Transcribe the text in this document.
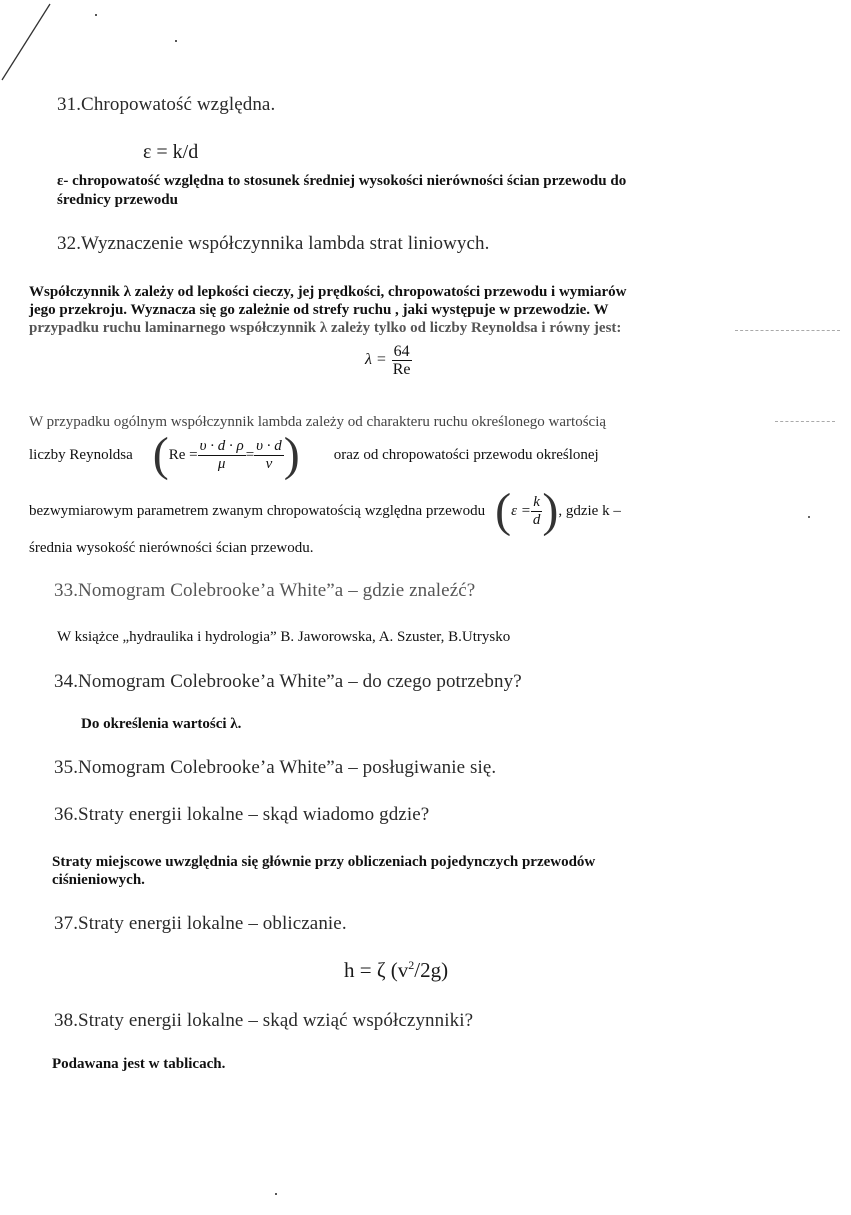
31.Chropowatość względna.
ε = k/d
ε- chropowatość względna to stosunek średniej wysokości nierówności ścian przewodu do
średnicy przewodu
32.Wyznaczenie współczynnika lambda strat liniowych.
Współczynnik λ zależy od lepkości cieczy, jej prędkości, chropowatości przewodu i wymiarów
jego przekroju. Wyznacza się go zależnie od strefy ruchu , jaki występuje w przewodzie. W
przypadku ruchu laminarnego współczynnik λ zależy tylko od liczby Reynoldsa i równy jest:
$\lambda = \frac{64}{Re}$
W przypadku ogólnym współczynnik lambda zależy od charakteru ruchu określonego wartością
liczby Reynoldsa ( $Re = \frac{\upsilon \cdot d \cdot \rho}{\mu} = \frac{\upsilon \cdot d}{\nu}$ ) oraz od chropowatości przewodu określonej
bezwymiarowym parametrem zwanym chropowatością względna przewodu ( $\varepsilon = \frac{k}{d}$ ) , gdzie k –
średnia wysokość nierówności ścian przewodu.
33.Nomogram Colebrooke’a White”a – gdzie znaleźć?
W książce „hydraulika i hydrologia” B. Jaworowska, A. Szuster, B.Utrysko
34.Nomogram Colebrooke’a White”a – do czego potrzebny?
Do określenia wartości λ.
35.Nomogram Colebrooke’a White”a – posługiwanie się.
36.Straty energii lokalne – skąd wiadomo gdzie?
Straty miejscowe uwzględnia się głównie przy obliczeniach pojedynczych przewodów
ciśnieniowych.
37.Straty energii lokalne – obliczanie.
h = ζ $(v^2/2g)$
38.Straty energii lokalne – skąd wziąć współczynniki?
Podawana jest w tablicach.
